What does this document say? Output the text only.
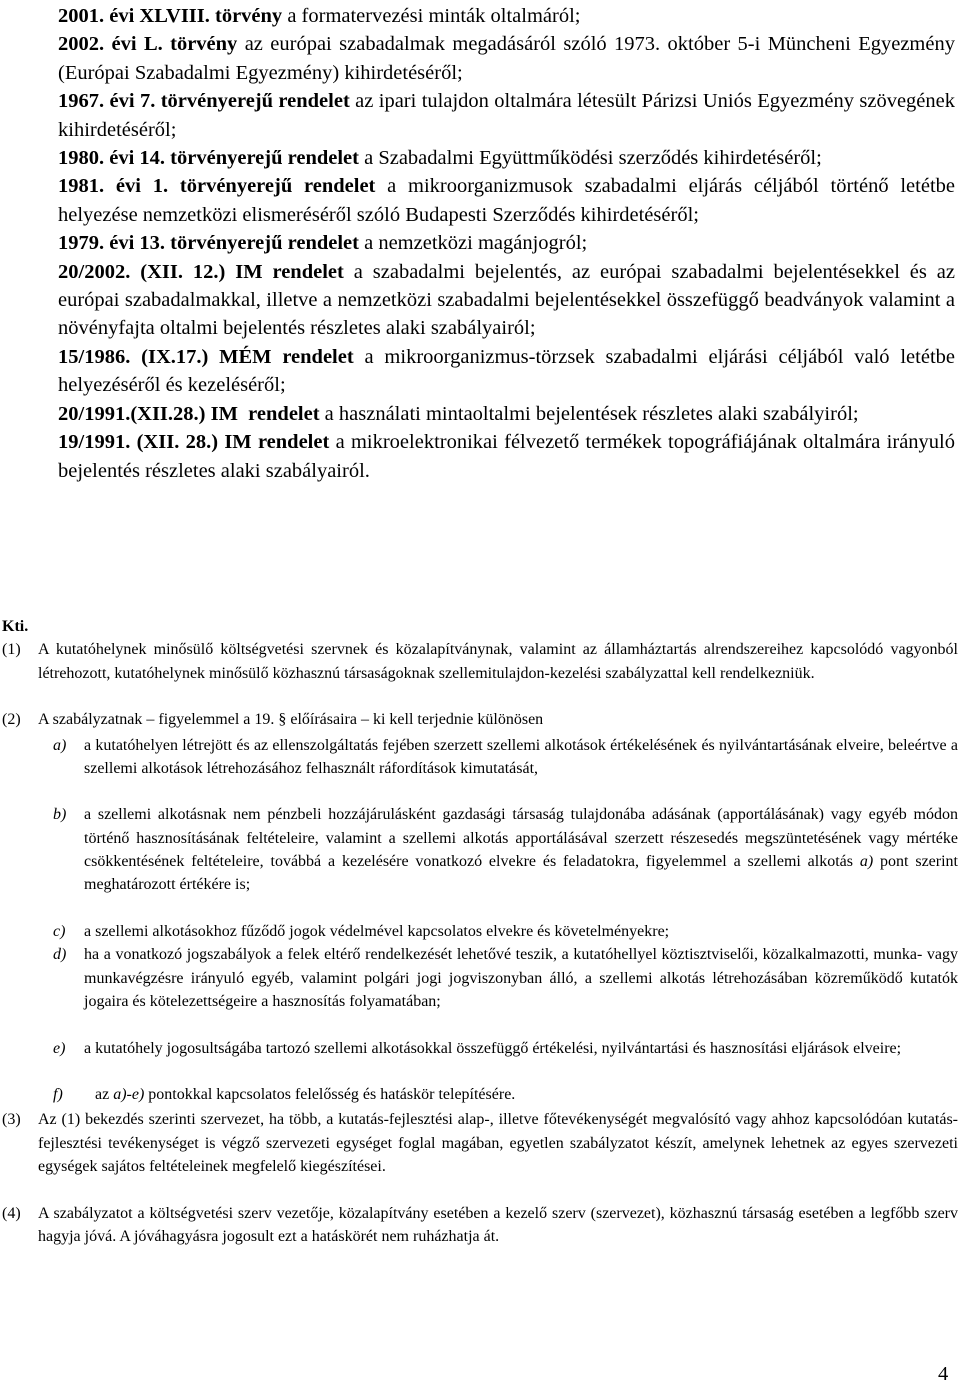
2001. évi XLVIII. törvény a formatervezési minták oltalmáról;

2002. évi L. törvény az európai szabadalmak megadásáról szóló 1973. október 5-i Müncheni Egyezmény (Európai Szabadalmi Egyezmény) kihirdetéséről;

1967. évi 7. törvényerejű rendelet az ipari tulajdon oltalmára létesült Párizsi Uniós Egyezmény szövegének kihirdetéséről;

1980. évi 14. törvényerejű rendelet a Szabadalmi Együttműködési szerződés kihirdetéséről;

1981. évi 1. törvényerejű rendelet a mikroorganizmusok szabadalmi eljárás céljából történő letétbe helyezése nemzetközi elismeréséről szóló Budapesti Szerződés kihirdetéséről;

1979. évi 13. törvényerejű rendelet a nemzetközi magánjogról;

20/2002. (XII. 12.) IM rendelet a szabadalmi bejelentés, az európai szabadalmi bejelentésekkel és az európai szabadalmakkal, illetve a nemzetközi szabadalmi bejelentésekkel összefüggő beadványok valamint a növényfajta oltalmi bejelentés részletes alaki szabályairól;

15/1986. (IX.17.) MÉM rendelet a mikroorganizmus-törzsek szabadalmi eljárási céljából való letétbe helyezéséről és kezeléséről;

20/1991.(XII.28.) IM  rendelet a használati mintaoltalmi bejelentések részletes alaki szabályiról;

19/1991. (XII. 28.) IM rendelet a mikroelektronikai félvezető termékek topográfiájának oltalmára irányuló bejelentés részletes alaki szabályairól.

Kti.
(1) A kutatóhelynek minősülő költségvetési szervnek és közalapítványnak, valamint az államháztartás alrendszereihez kapcsolódó vagyonból létrehozott, kutatóhelynek minősülő közhasznú társaságoknak szellemitulajdon-kezelési szabályzattal kell rendelkezniük.
(2) A szabályzatnak – figyelemmel a 19. § előírásaira – ki kell terjednie különösen
a) a kutatóhelyen létrejött és az ellenszolgáltatás fejében szerzett szellemi alkotások értékelésének és nyilvántartásának elveire, beleértve a szellemi alkotások létrehozásához felhasznált ráfordítások kimutatását,
b) a szellemi alkotásnak nem pénzbeli hozzájárulásként gazdasági társaság tulajdonába adásának (apportálásának) vagy egyéb módon történő hasznosításának feltételeire, valamint a szellemi alkotás apportálásával szerzett részesedés megszüntetésének vagy mértéke csökkentésének feltételeire, továbbá a kezelésére vonatkozó elvekre és feladatokra, figyelemmel a szellemi alkotás a) pont szerint meghatározott értékére is;
c) a szellemi alkotásokhoz fűződő jogok védelmével kapcsolatos elvekre és követelményekre;
d) ha a vonatkozó jogszabályok a felek eltérő rendelkezését lehetővé teszik, a kutatóhellyel köztisztviselői, közalkalmazotti, munka- vagy munkavégzésre irányuló egyéb, valamint polgári jogi jogviszonyban álló, a szellemi alkotás létrehozásában közreműködő kutatók jogaira és kötelezettségeire a hasznosítás folyamatában;
e) a kutatóhely jogosultságába tartozó szellemi alkotásokkal összefüggő értékelési, nyilvántartási és hasznosítási eljárások elveire;
f) az a)-e) pontokkal kapcsolatos felelősség és hatáskör telepítésére.
(3) Az (1) bekezdés szerinti szervezet, ha több, a kutatás-fejlesztési alap-, illetve főtevékenységét megvalósító vagy ahhoz kapcsolódóan kutatás-fejlesztési tevékenységet is végző szervezeti egységet foglal magában, egyetlen szabályzatot készít, amelynek lehetnek az egyes szervezeti egységek sajátos feltételeinek megfelelő kiegészítései.
(4) A szabályzatot a költségvetési szerv vezetője, közalapítvány esetében a kezelő szerv (szervezet), közhasznú társaság esetében a legfőbb szerv hagyja jóvá. A jóváhagyásra jogosult ezt a hatáskörét nem ruházhatja át.
4
